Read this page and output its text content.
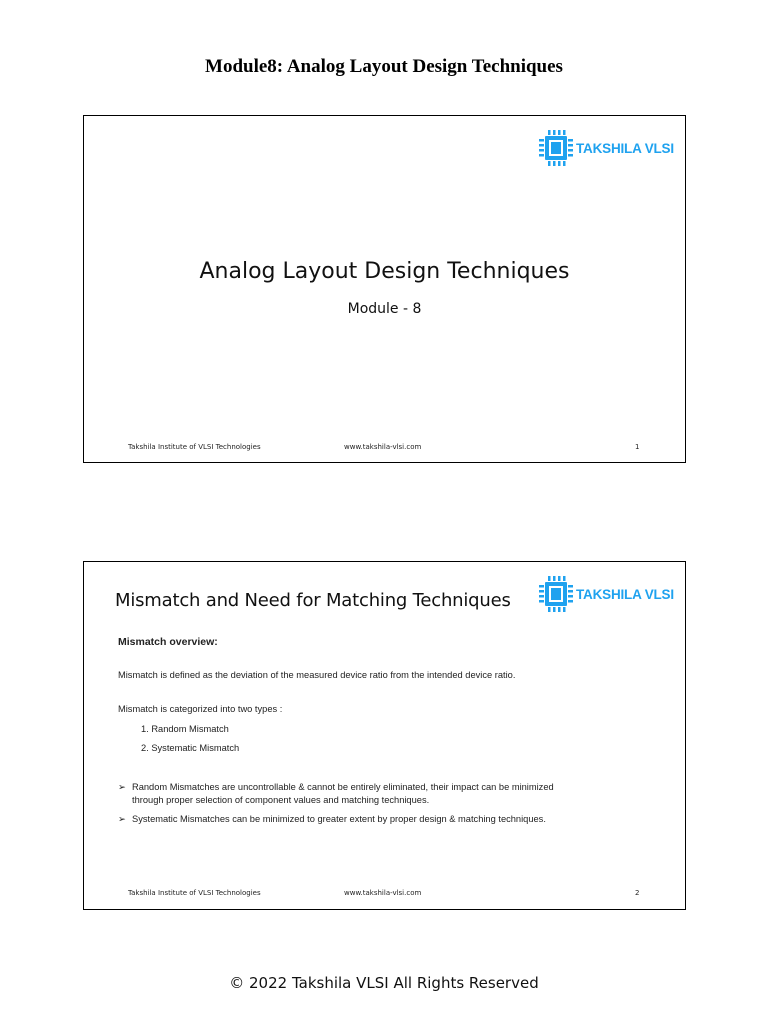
Module8: Analog Layout Design Techniques
TAKSHILA VLSI
Analog Layout Design Techniques
Module - 8
Takshila Institute of VLSI Technologies	www.takshila-vlsi.com	1
Mismatch and Need for Matching Techniques	TAKSHILA VLSI
Mismatch overview:
Mismatch is defined as the deviation of the measured device ratio from the intended device ratio.
Mismatch is categorized into two types :
1. Random Mismatch
2. Systematic Mismatch
➢ Random Mismatches are uncontrollable & cannot be entirely eliminated, their impact can be minimized
through proper selection of component values and matching techniques.
➢ Systematic Mismatches can be minimized to greater extent by proper design & matching techniques.
Takshila Institute of VLSI Technologies	www.takshila-vlsi.com	2
© 2022 Takshila VLSI All Rights Reserved
